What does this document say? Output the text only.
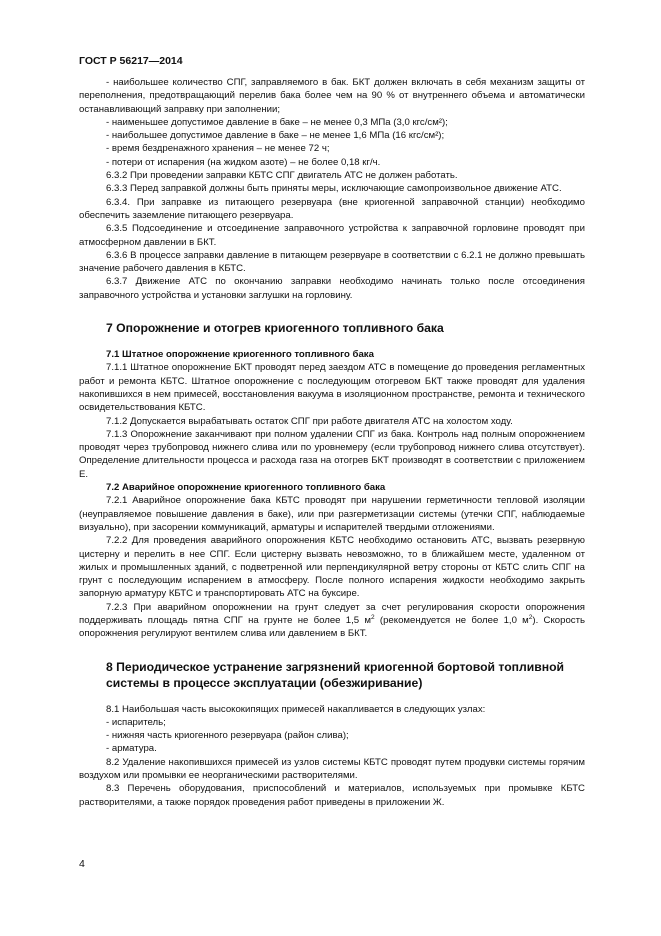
ГОСТ Р 56217—2014

- наибольшее количество СПГ, заправляемого в бак. БКТ должен включать в себя механизм защиты от переполнения, предотвращающий перелив бака более чем на 90 % от внутреннего объема и автоматически останавливающий заправку при заполнении;

- наименьшее допустимое давление в баке – не менее 0,3 МПа (3,0 кгс/см²);

- наибольшее допустимое давление в баке – не менее 1,6 МПа (16 кгс/см²);

- время бездренажного хранения – не менее 72 ч;

- потери от испарения (на жидком азоте) – не более 0,18 кг/ч.

6.3.2 При проведении заправки КБТС СПГ двигатель АТС не должен работать.

6.3.3 Перед заправкой должны быть приняты меры, исключающие самопроизвольное движение АТС.

6.3.4. При заправке из питающего резервуара (вне криогенной заправочной станции) необходимо обеспечить заземление питающего резервуара.

6.3.5 Подсоединение и отсоединение заправочного устройства к заправочной горловине проводят при атмосферном давлении в БКТ.

6.3.6 В процессе заправки давление в питающем резервуаре в соответствии с 6.2.1 не должно превышать значение рабочего давления в КБТС.

6.3.7 Движение АТС по окончанию заправки необходимо начинать только после отсоединения заправочного устройства и установки заглушки на горловину.

7 Опорожнение и отогрев криогенного топливного бака

7.1 Штатное опорожнение криогенного топливного бака

7.1.1 Штатное опорожнение БКТ проводят перед заездом АТС в помещение до проведения регламентных работ и ремонта КБТС. Штатное опорожнение с последующим отогревом БКТ также проводят для удаления накопившихся в нем примесей, восстановления вакуума в изоляционном пространстве, ремонта и технического освидетельствования КБТС.

7.1.2 Допускается вырабатывать остаток СПГ при работе двигателя АТС на холостом ходу.

7.1.3 Опорожнение заканчивают при полном удалении СПГ из бака. Контроль над полным опорожнением проводят через трубопровод нижнего слива или по уровнемеру (если трубопровод нижнего слива отсутствует). Определение длительности процесса и расхода газа на отогрев БКТ производят в соответствии с приложением Е.

7.2 Аварийное опорожнение криогенного топливного бака

7.2.1 Аварийное опорожнение бака КБТС проводят при нарушении герметичности тепловой изоляции (неуправляемое повышение давления в баке), или при разгерметизации системы (утечки СПГ, наблюдаемые визуально), при засорении коммуникаций, арматуры и испарителей твердыми отложениями.

7.2.2 Для проведения аварийного опорожнения КБТС необходимо остановить АТС, вызвать резервную цистерну и перелить в нее СПГ. Если цистерну вызвать невозможно, то в ближайшем месте, удаленном от жилых и промышленных зданий, с подветренной или перпендикулярной ветру стороны от КБТС слить СПГ на грунт с последующим испарением в атмосферу. После полного испарения жидкости необходимо закрыть запорную арматуру КБТС и транспортировать АТС на буксире.

7.2.3 При аварийном опорожнении на грунт следует за счет регулирования скорости опорожнения поддерживать площадь пятна СПГ на грунте не более 1,5 $м^2$ (рекомендуется не более 1,0 $м^2$). Скорость опорожнения регулируют вентилем слива или давлением в БКТ.

8 Периодическое устранение загрязнений криогенной бортовой топливной системы в процессе эксплуатации (обезжиривание)

8.1 Наибольшая часть высококипящих примесей накапливается в следующих узлах:

- испаритель;

- нижняя часть криогенного резервуара (район слива);

- арматура.

8.2 Удаление накопившихся примесей из узлов системы КБТС проводят путем продувки системы горячим воздухом или промывки ее неорганическими растворителями.

8.3 Перечень оборудования, приспособлений и материалов, используемых при промывке КБТС растворителями, а также порядок проведения работ приведены в приложении Ж.

4
